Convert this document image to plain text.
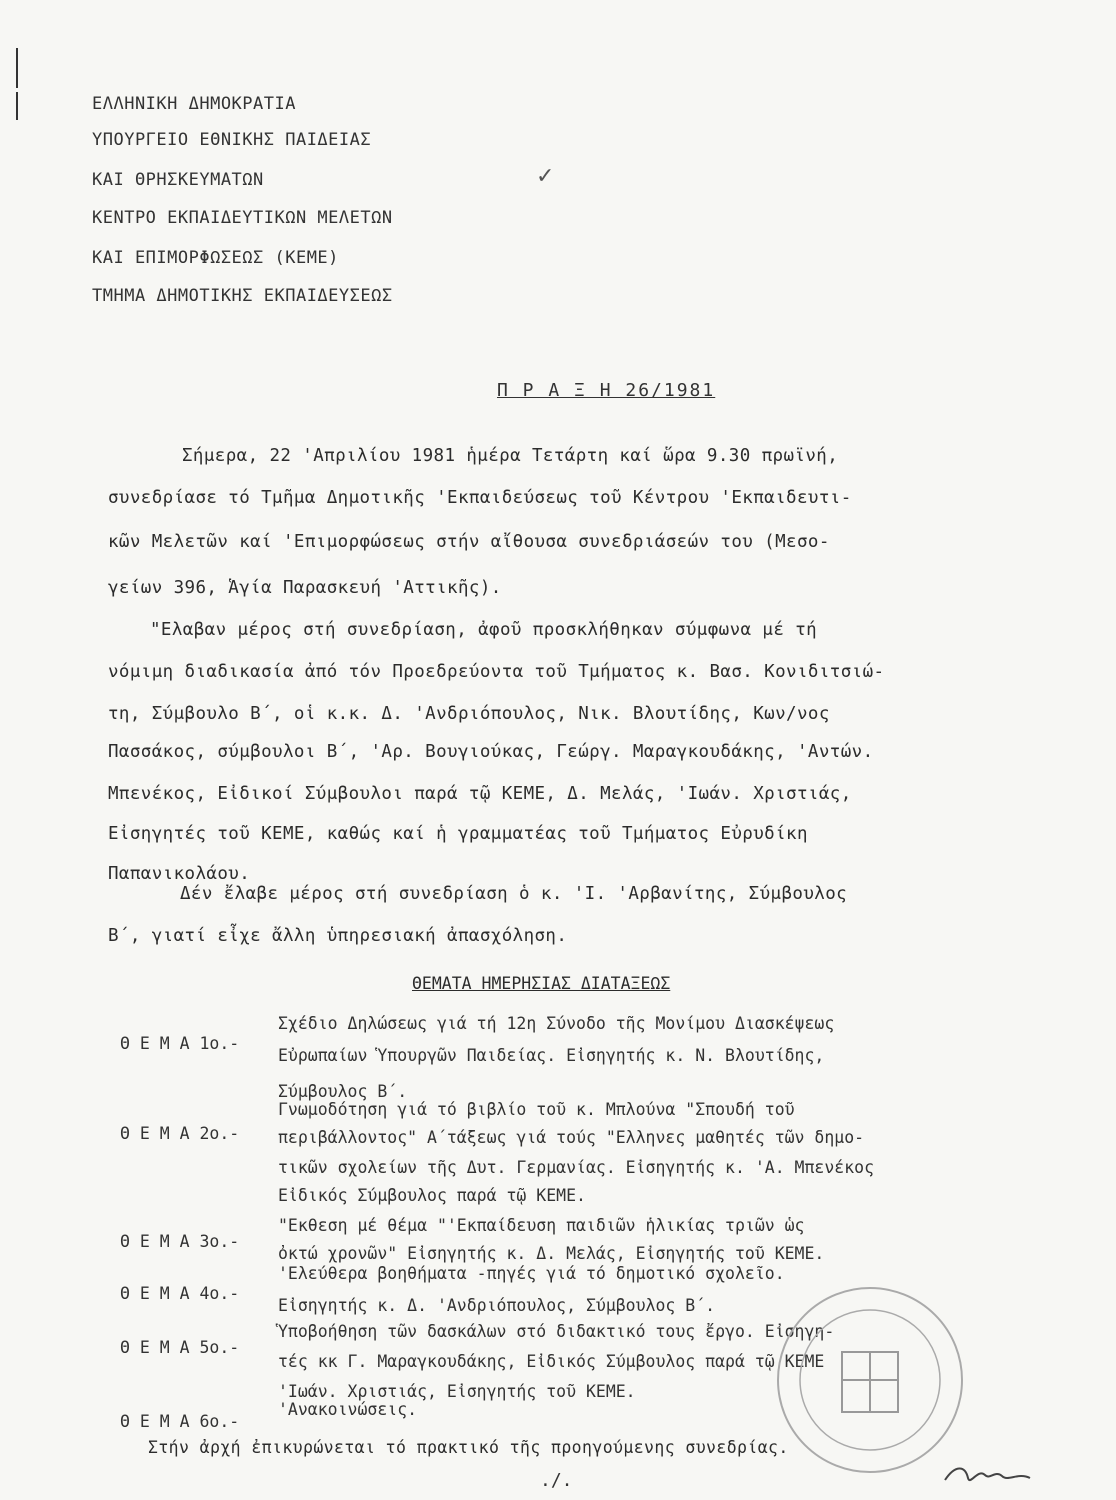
ΕΛΛΗΝΙΚΗ ΔΗΜΟΚΡΑΤΙΑ
ΥΠΟΥΡΓΕΙΟ ΕΘΝΙΚΗΣ ΠΑΙΔΕΙΑΣ
ΚΑΙ ΘΡΗΣΚΕΥΜΑΤΩΝ
ΚΕΝΤΡΟ ΕΚΠΑΙΔΕΥΤΙΚΩΝ ΜΕΛΕΤΩΝ
ΚΑΙ ΕΠΙΜΟΡΦΩΣΕΩΣ (ΚΕΜΕ)
ΤΜΗΜΑ ΔΗΜΟΤΙΚΗΣ ΕΚΠΑΙΔΕΥΣΕΩΣ
✓
Π Ρ Α Ξ Η 26/1981
Σήμερα, 22 'Απριλίου 1981 ἡμέρα Τετάρτη καί ὥρα 9.30 πρωϊνή,
συνεδρίασε τό Τμῆμα Δημοτικῆς 'Εκπαιδεύσεως τοῦ Κέντρου 'Εκπαιδευτι-
κῶν Μελετῶν καί 'Επιμορφώσεως στήν αἴθουσα συνεδριάσεών του (Μεσο-
γείων 396, Ἁγία Παρασκευή 'Αττικῆς).
"Ελαβαν μέρος στή συνεδρίαση, ἀφοῦ προσκλήθηκαν σύμφωνα μέ τή
νόμιμη διαδικασία ἀπό τόν Προεδρεύοντα τοῦ Τμήματος κ. Βασ. Κονιδιτσιώ-
τη, Σύμβουλο Β΄, οἱ κ.κ. Δ. 'Ανδριόπουλος, Νικ. Βλουτίδης, Κων/νος
Πασσάκος, σύμβουλοι Β΄, 'Αρ. Βουγιούκας, Γεώργ. Μαραγκουδάκης, 'Αντών.
Μπενέκος, Εἰδικοί Σύμβουλοι παρά τῷ ΚΕΜΕ, Δ. Μελάς, 'Ιωάν. Χριστιάς,
Εἰσηγητές τοῦ ΚΕΜΕ, καθώς καί ἡ γραμματέας τοῦ Τμήματος Εὐρυδίκη
Παπανικολάου.
Δέν ἔλαβε μέρος στή συνεδρίαση ὁ κ. 'Ι. 'Αρβανίτης, Σύμβουλος
Β΄, γιατί εἶχε ἄλλη ὑπηρεσιακή ἀπασχόληση.
ΘΕΜΑΤΑ ΗΜΕΡΗΣΙΑΣ ΔΙΑΤΑΞΕΩΣ
Θ Ε Μ Α 1ο.-
Σχέδιο Δηλώσεως γιά τή 12η Σύνοδο τῆς Μονίμου Διασκέψεως
Εὐρωπαίων Ὑπουργῶν Παιδείας. Εἰσηγητής κ. Ν. Βλουτίδης,
Σύμβουλος Β΄.
Θ Ε Μ Α 2ο.-
Γνωμοδότηση γιά τό βιβλίο τοῦ κ. Μπλούνα "Σπουδή τοῦ
περιβάλλοντος" Α΄τάξεως γιά τούς "Ελληνες μαθητές τῶν δημο-
τικῶν σχολείων τῆς Δυτ. Γερμανίας. Εἰσηγητής κ. 'Α. Μπενέκος
Εἰδικός Σύμβουλος παρά τῷ ΚΕΜΕ.
Θ Ε Μ Α 3ο.-
"Εκθεση μέ θέμα "'Εκπαίδευση παιδιῶν ἡλικίας τριῶν ὡς
ὀκτώ χρονῶν" Εἰσηγητής κ. Δ. Μελάς, Εἰσηγητής τοῦ ΚΕΜΕ.
Θ Ε Μ Α 4ο.-
'Ελεύθερα βοηθήματα -πηγές γιά τό δημοτικό σχολεῖο.
Εἰσηγητής κ. Δ. 'Ανδριόπουλος, Σύμβουλος Β΄.
Θ Ε Μ Α 5ο.-
Ὑποβοήθηση τῶν δασκάλων στό διδακτικό τους ἔργο. Εἰσηγη-
τές κκ Γ. Μαραγκουδάκης, Εἰδικός Σύμβουλος παρά τῷ ΚΕΜΕ
'Ιωάν. Χριστιάς, Εἰσηγητής τοῦ ΚΕΜΕ.
Θ Ε Μ Α 6ο.-
'Ανακοινώσεις.
Στήν ἀρχή ἐπικυρώνεται τό πρακτικό τῆς προηγούμενης συνεδρίας.
./.
